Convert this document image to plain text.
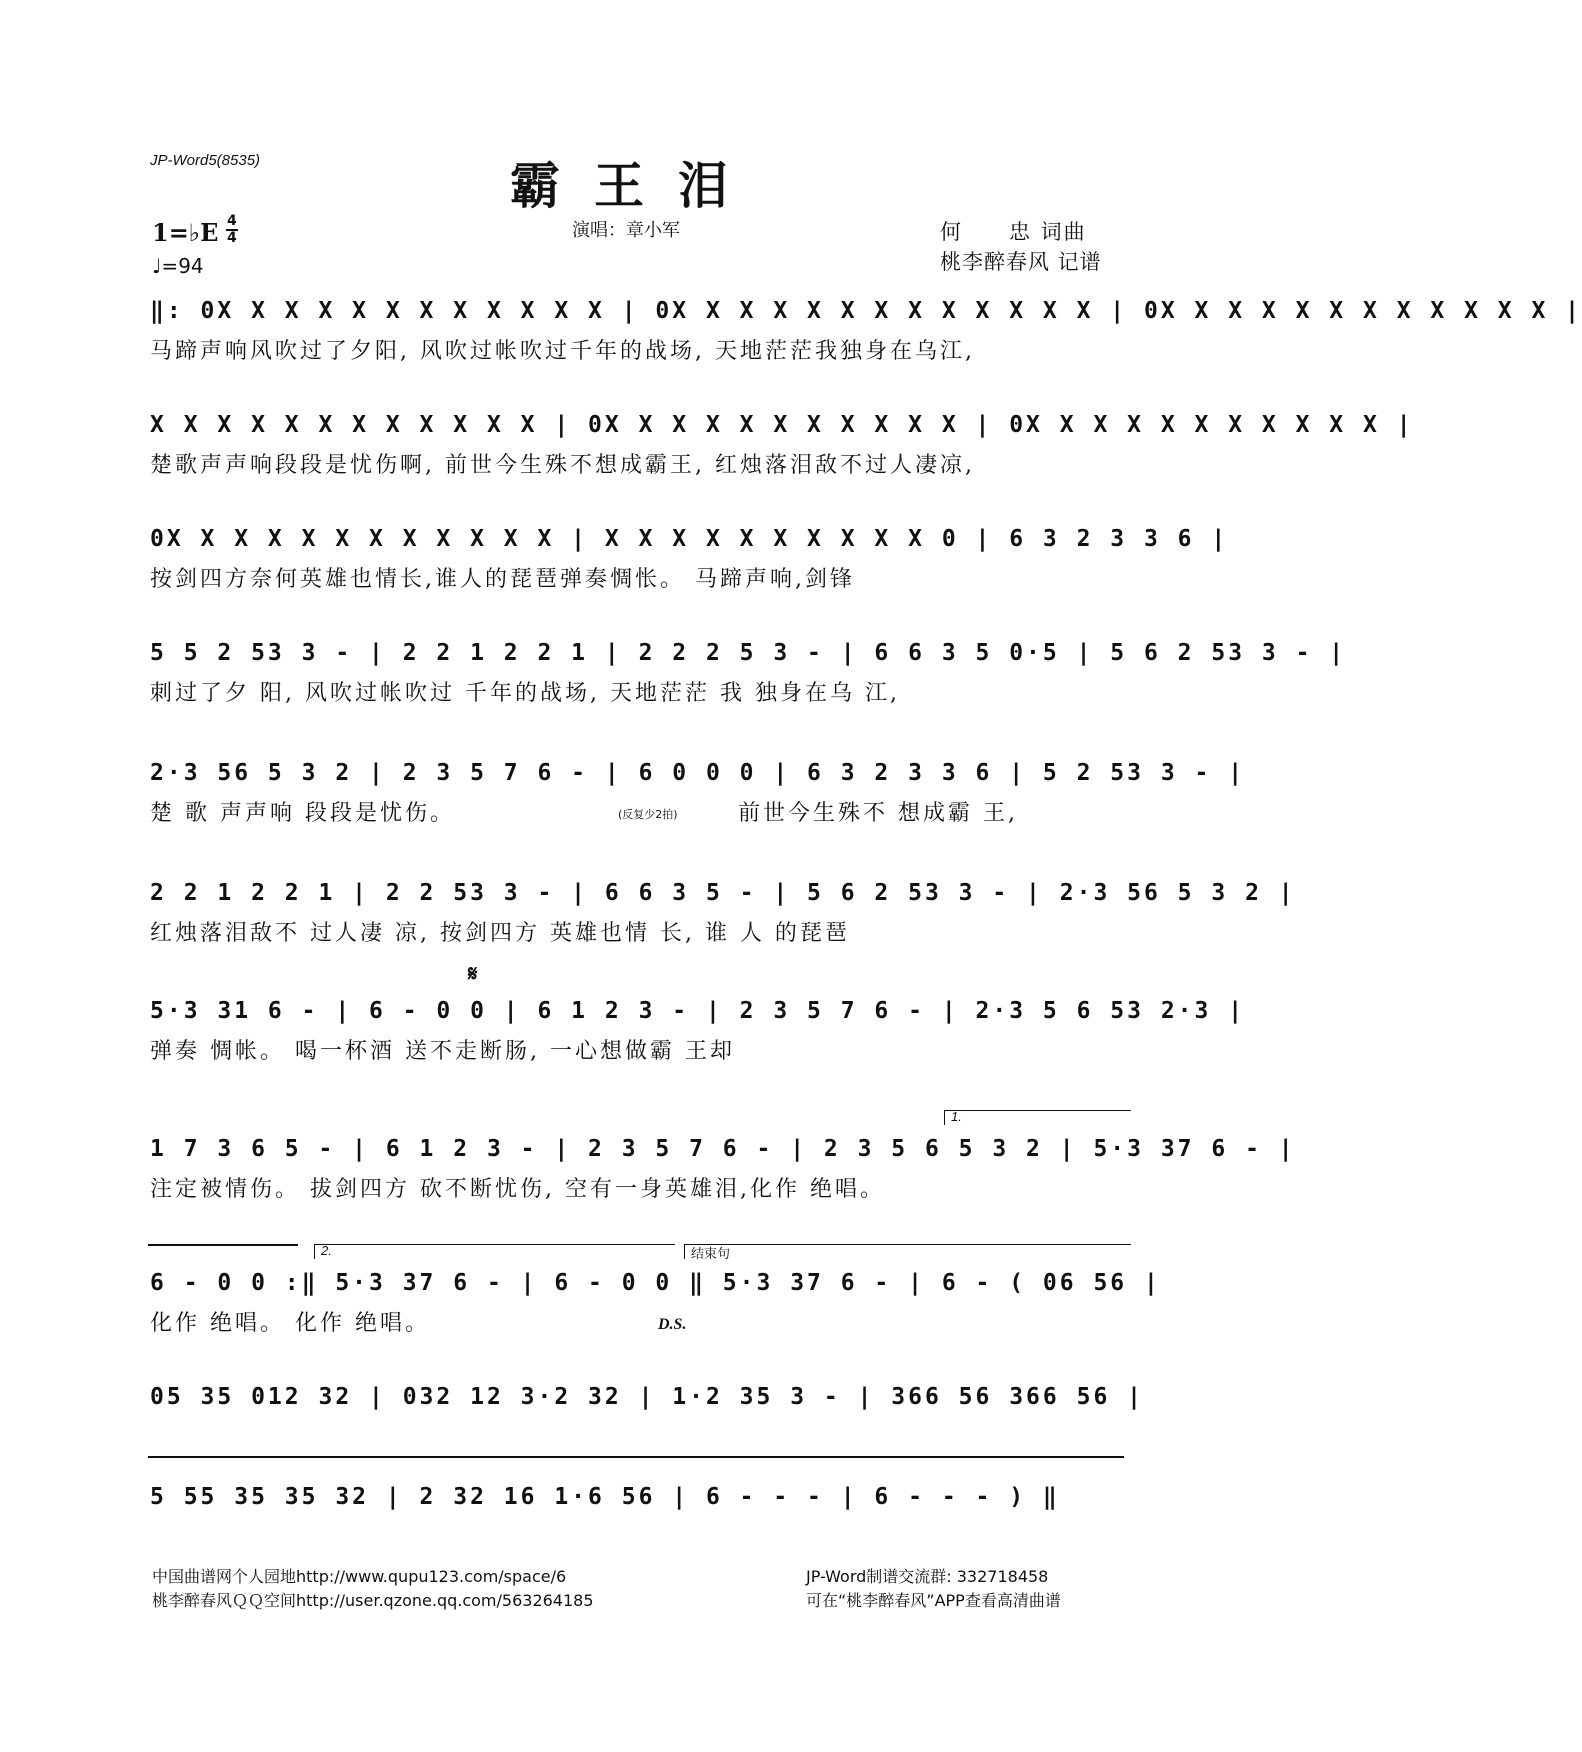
JP-Word5(8535)	霸王泪
1=♭E 4
4
♩=94
演唱：章小军	何　　忠 词曲
桃李醉春风 记谱
‖: 0X X X X X X X X X X X X | 0X X X X X X X X X X X X X | 0X X X X X X X X X X X X |
马蹄声响风吹过了夕阳, 风吹过帐吹过千年的战场, 天地茫茫我独身在乌江,
X X X X X X X X X X X X | 0X X X X X X X X X X X | 0X X X X X X X X X X X |
楚歌声声响段段是忧伤啊, 前世今生殊不想成霸王, 红烛落泪敌不过人凄凉,
0X X X X X X X X X X X X | X X X X X X X X X X 0 | 6 3 2 3 3 6 |
按剑四方奈何英雄也情长,谁人的琵琶弹奏惆怅。 马蹄声响,剑锋
5 5 2 53 3 - | 2 2 1 2 2 1 | 2 2 2 5 3 - | 6 6 3 5 0·5 | 5 6 2 53 3 - |
刺过了夕 阳, 风吹过帐吹过 千年的战场, 天地茫茫 我 独身在乌 江,
2·3 56 5 3 2 | 2 3 5 7 6 - | 6 0 0 0 | 6 3 2 3 3 6 | 5 2 53 3 - |
楚 歌 声声响 段段是忧伤。	(反复少2拍)	前世今生殊不 想成霸 王,
2 2 1 2 2 1 | 2 2 53 3 - | 6 6 3 5 - | 5 6 2 53 3 - | 2·3 56 5 3 2 |
红烛落泪敌不 过人凄 凉, 按剑四方 英雄也情 长, 谁 人 的琵琶
𝄋
5·3 31 6 - | 6 - 0 0 | 6 1 2 3 - | 2 3 5 7 6 - | 2·3 5 6 53 2·3 |
弹奏 惆帐。 喝一杯酒 送不走断肠, 一心想做霸 王却
1.
1 7 3 6 5 - | 6 1 2 3 - | 2 3 5 7 6 - | 2 3 5 6 5 3 2 | 5·3 37 6 - |
注定被情伤。 拔剑四方 砍不断忧伤, 空有一身英雄泪,化作 绝唱。
2.	结束句
6 - 0 0 :‖ 5·3 37 6 - | 6 - 0 0 ‖ 5·3 37 6 - | 6 - ( 06 56 |
化作 绝唱。 化作 绝唱。	D.S.
05 35 012 32 | 032 12 3·2 32 | 1·2 35 3 - | 366 56 366 56 |
5 55 35 35 32 | 2 32 16 1·6 56 | 6 - - - | 6 - - - ) ‖
中国曲谱网个人园地http://www.qupu123.com/space/6
桃李醉春风ＱＱ空间http://user.qzone.qq.com/563264185
JP-Word制谱交流群: 332718458
可在“桃李醉春风”APP查看高清曲谱
